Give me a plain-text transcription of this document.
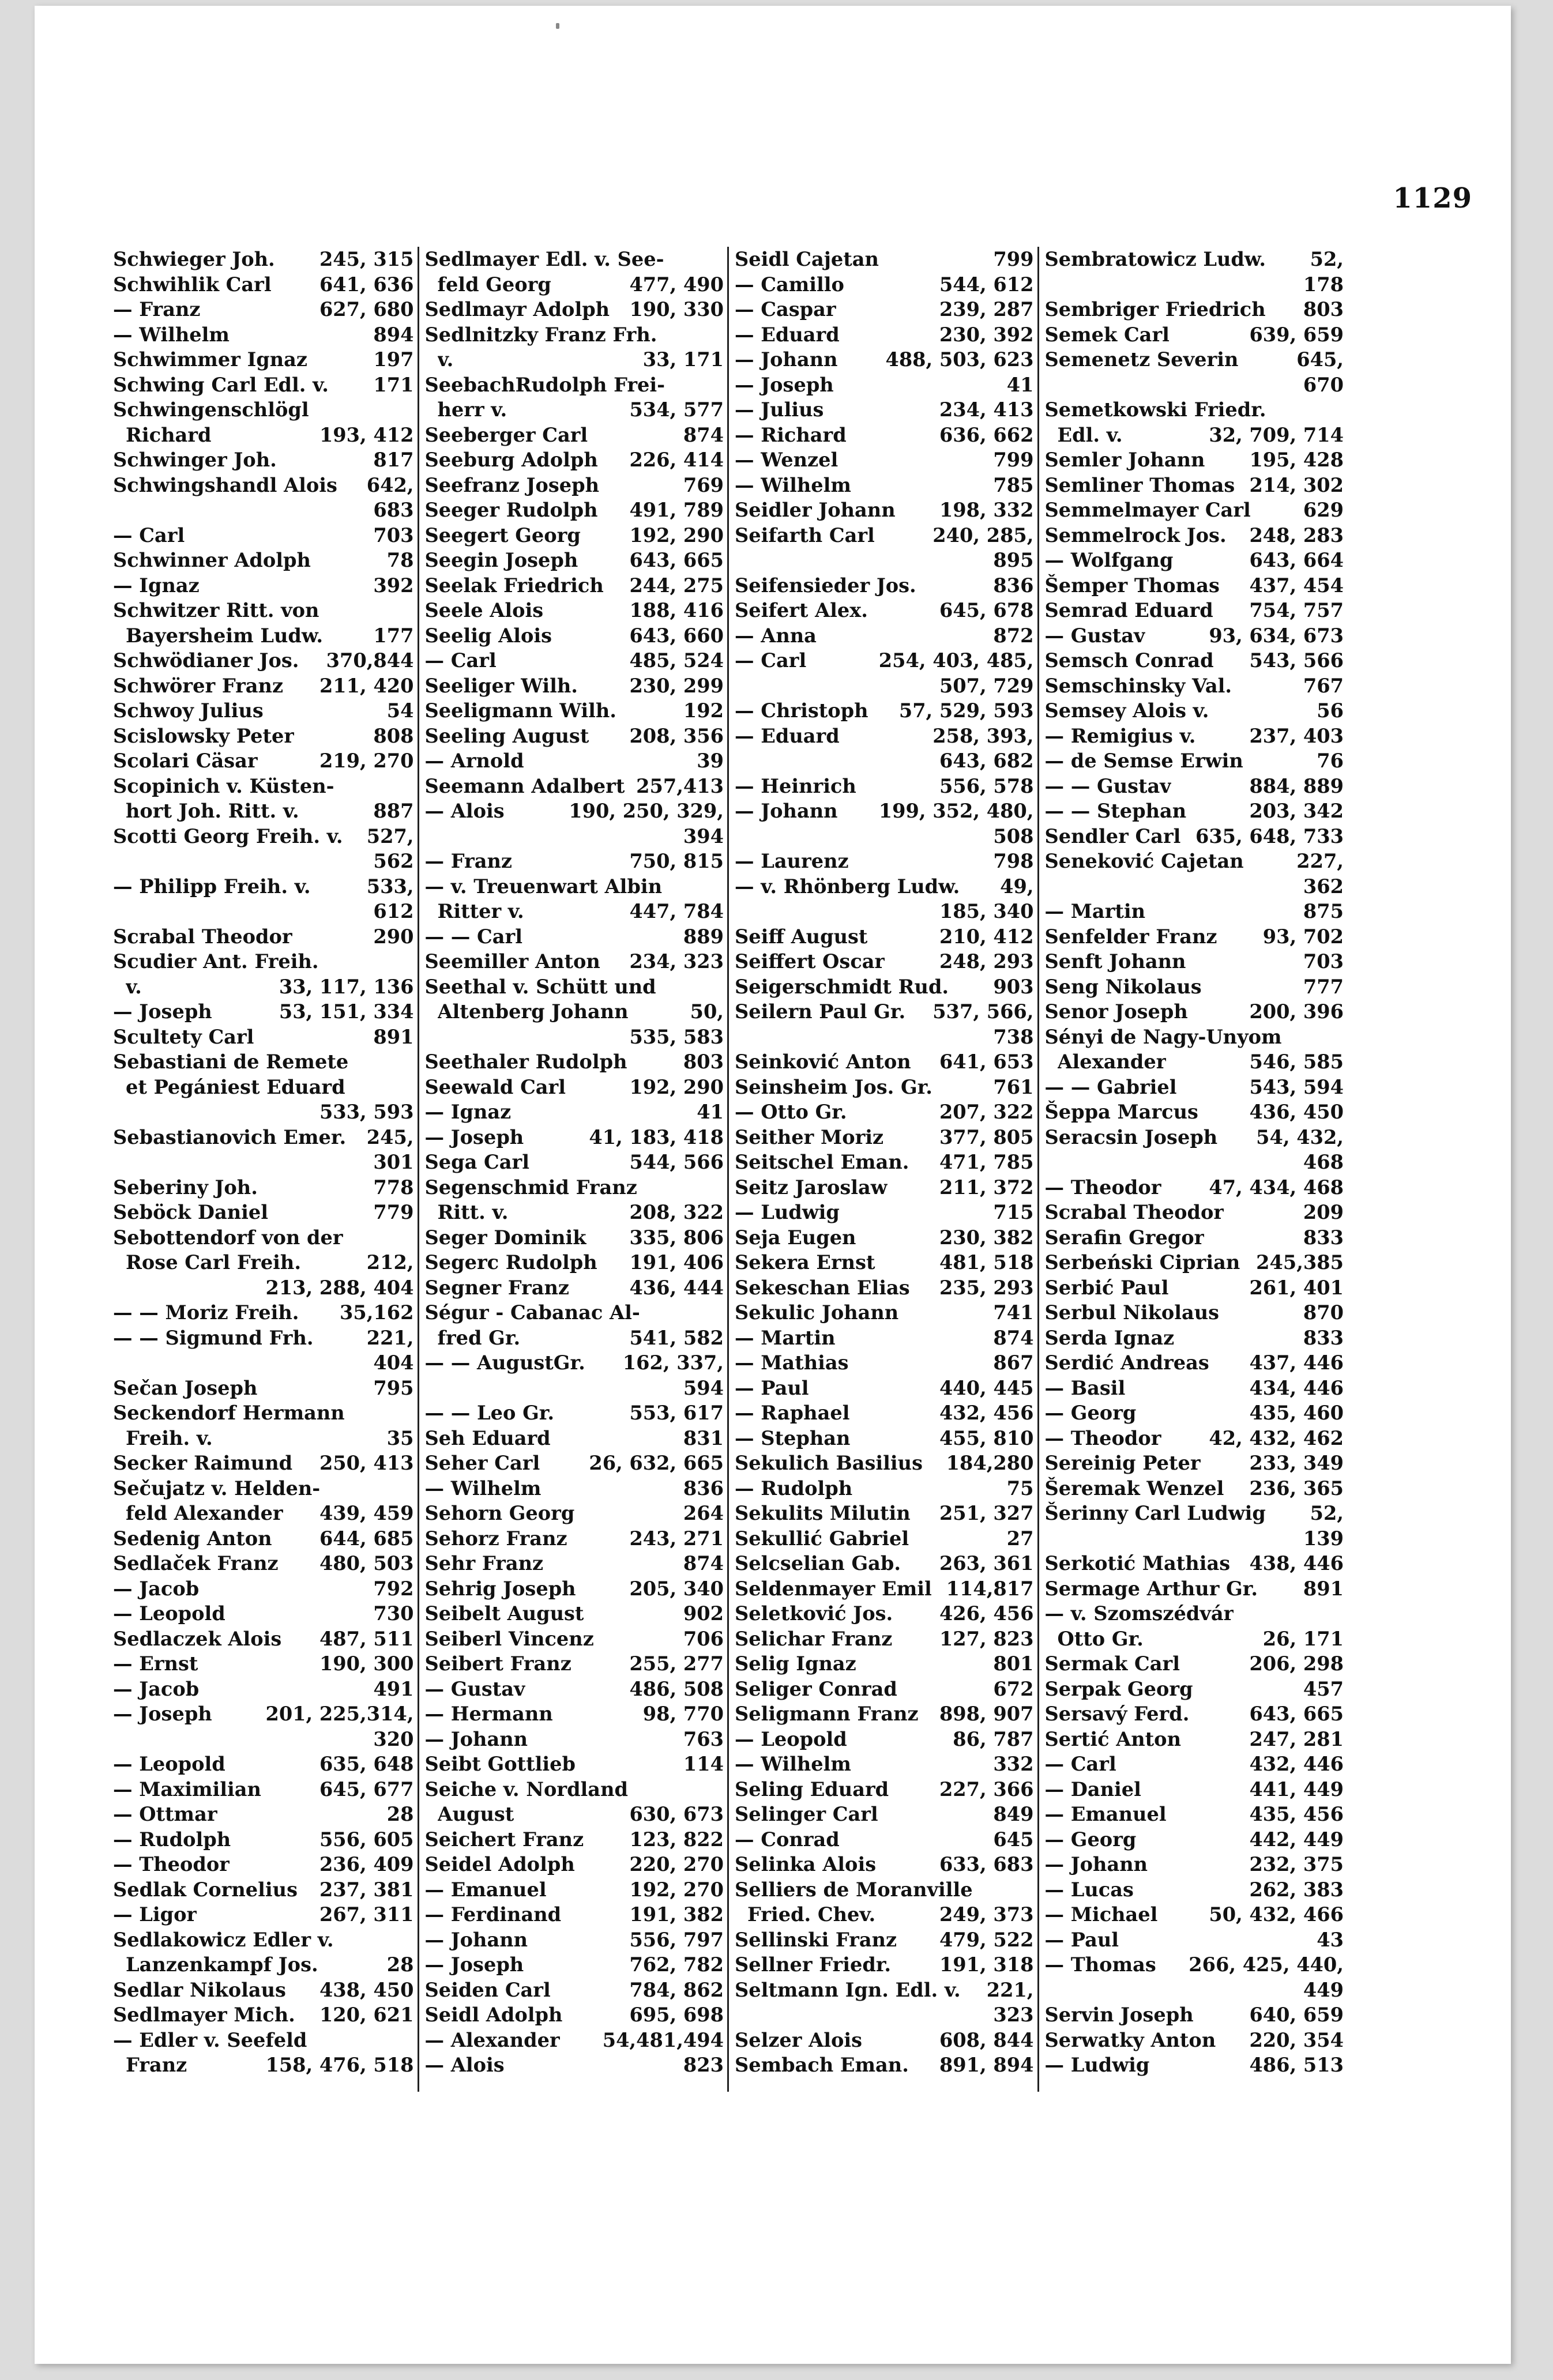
1129
Schwieger Joh. 245, 315
Schwihlik Carl 641, 636
— Franz	627, 680
— Wilhelm	894
Schwimmer Ignaz	197
Schwing Carl Edl. v. 171
Schwingenschlögl
Richard	193, 412
Schwinger Joh.	817
Schwingshandl Alois 642,
683
— Carl	703
Schwinner Adolph	78
— Ignaz	392
Schwitzer Ritt. von
Bayersheim Ludw.	177
Schwödianer Jos. 370,844
Schwörer Franz 211, 420
Schwoy Julius	54
Scislowsky Peter	808
Scolari Cäsar	219, 270
Scopinich v. Küsten-
hort Joh. Ritt. v.	887
Scotti Georg Freih. v. 527,
562
— Philipp Freih. v.	533,
612
Scrabal Theodor	290
Scudier Ant. Freih.
v.	33, 117, 136
— Joseph	53, 151, 334
Scultety Carl	891
Sebastiani de Remete
et Pegániest Eduard
533, 593
Sebastianovich Emer. 245,
301
Seberiny Joh.	778
Seböck Daniel	779
Sebottendorf von der
Rose Carl Freih.	212,
213, 288, 404
— — Moriz Freih. 35,162
— — Sigmund Frh.	221,
404
Sečan Joseph	795
Seckendorf Hermann
Freih. v.	35
Secker Raimund 250, 413
Sečujatz v. Helden-
feld Alexander 439, 459
Sedenig Anton 644, 685
Sedlaček Franz 480, 503
— Jacob	792
— Leopold	730
Sedlaczek Alois 487, 511
— Ernst	190, 300
— Jacob	491
— Joseph	201, 225,314,
320
— Leopold	635, 648
— Maximilian	645, 677
— Ottmar	28
— Rudolph	556, 605
— Theodor	236, 409
Sedlak Cornelius 237, 381
— Ligor	267, 311
Sedlakowicz Edler v.
Lanzenkampf Jos.	28
Sedlar Nikolaus 438, 450
Sedlmayer Mich. 120, 621
— Edler v. Seefeld
Franz	158, 476, 518
Sedlmayer Edl. v. See-
feld Georg	477, 490
Sedlmayr Adolph 190, 330
Sedlnitzky Franz Frh.
v.	33, 171
SeebachRudolph Frei-
herr v.	534, 577
Seeberger Carl	874
Seeburg Adolph 226, 414
Seefranz Joseph	769
Seeger Rudolph 491, 789
Seegert Georg	192, 290
Seegin Joseph	643, 665
Seelak Friedrich 244, 275
Seele Alois	188, 416
Seelig Alois	643, 660
— Carl	485, 524
Seeliger Wilh.	230, 299
Seeligmann Wilh.	192
Seeling August 208, 356
— Arnold	39
Seemann Adalbert 257,413
— Alois	190, 250, 329,
394
— Franz	750, 815
— v. Treuenwart Albin
Ritter v.	447, 784
— — Carl	889
Seemiller Anton 234, 323
Seethal v. Schütt und
Altenberg Johann	50,
535, 583
Seethaler Rudolph	803
Seewald Carl	192, 290
— Ignaz	41
— Joseph	41, 183, 418
Sega Carl	544, 566
Segenschmid Franz
Ritt. v.	208, 322
Seger Dominik 335, 806
Segerc Rudolph 191, 406
Segner Franz	436, 444
Ségur - Cabanac Al-
fred Gr.	541, 582
— — AugustGr. 162, 337,
594
— — Leo Gr.	553, 617
Seh Eduard	831
Seher Carl	26, 632, 665
— Wilhelm	836
Sehorn Georg	264
Sehorz Franz	243, 271
Sehr Franz	874
Sehrig Joseph	205, 340
Seibelt August	902
Seiberl Vincenz	706
Seibert Franz	255, 277
— Gustav	486, 508
— Hermann	98, 770
— Johann	763
Seibt Gottlieb	114
Seiche v. Nordland
August	630, 673
Seichert Franz 123, 822
Seidel Adolph	220, 270
— Emanuel	192, 270
— Ferdinand	191, 382
— Johann	556, 797
— Joseph	762, 782
Seiden Carl	784, 862
Seidl Adolph	695, 698
— Alexander 54,481,494
— Alois	823
Seidl Cajetan	799
— Camillo	544, 612
— Caspar	239, 287
— Eduard	230, 392
— Johann 488, 503, 623
— Joseph	41
— Julius	234, 413
— Richard	636, 662
— Wenzel	799
— Wilhelm	785
Seidler Johann 198, 332
Seifarth Carl	240, 285,
895
Seifensieder Jos.	836
Seifert Alex.	645, 678
— Anna	872
— Carl	254, 403, 485,
507, 729
— Christoph 57, 529, 593
— Eduard	258, 393,
643, 682
— Heinrich	556, 578
— Johann 199, 352, 480,
508
— Laurenz	798
— v. Rhönberg Ludw. 49,
185, 340
Seiff August	210, 412
Seiffert Oscar	248, 293
Seigerschmidt Rud. 903
Seilern Paul Gr. 537, 566,
738
Seinković Anton 641, 653
Seinsheim Jos. Gr.	761
— Otto Gr.	207, 322
Seither Moriz	377, 805
Seitschel Eman. 471, 785
Seitz Jaroslaw	211, 372
— Ludwig	715
Seja Eugen	230, 382
Sekera Ernst	481, 518
Sekeschan Elias 235, 293
Sekulic Johann	741
— Martin	874
— Mathias	867
— Paul	440, 445
— Raphael	432, 456
— Stephan	455, 810
Sekulich Basilius 184,280
— Rudolph	75
Sekulits Milutin 251, 327
Sekullić Gabriel	27
Selcselian Gab. 263, 361
Seldenmayer Emil 114,817
Seletković Jos. 426, 456
Selichar Franz 127, 823
Selig Ignaz	801
Seliger Conrad	672
Seligmann Franz 898, 907
— Leopold	86, 787
— Wilhelm	332
Seling Eduard	227, 366
Selinger Carl	849
— Conrad	645
Selinka Alois	633, 683
Selliers de Moranville
Fried. Chev.	249, 373
Sellinski Franz 479, 522
Sellner Friedr. 191, 318
Seltmann Ign. Edl. v. 221,
323
Selzer Alois	608, 844
Sembach Eman. 891, 894
Sembratowicz Ludw. 52,
178
Sembriger Friedrich 803
Semek Carl	639, 659
Semenetz Severin	645,
670
Semetkowski Friedr.
Edl. v.	32, 709, 714
Semler Johann 195, 428
Semliner Thomas 214, 302
Semmelmayer Carl	629
Semmelrock Jos. 248, 283
— Wolfgang	643, 664
Šemper Thomas 437, 454
Semrad Eduard 754, 757
— Gustav	93, 634, 673
Semsch Conrad 543, 566
Semschinsky Val.	767
Semsey Alois v.	56
— Remigius v.	237, 403
— de Semse Erwin	76
— — Gustav	884, 889
— — Stephan	203, 342
Sendler Carl 635, 648, 733
Seneković Cajetan	227,
362
— Martin	875
Senfelder Franz 93, 702
Senft Johann	703
Seng Nikolaus	777
Senor Joseph	200, 396
Sényi de Nagy-Unyom
Alexander	546, 585
— — Gabriel	543, 594
Šeppa Marcus	436, 450
Seracsin Joseph 54, 432,
468
— Theodor 47, 434, 468
Scrabal Theodor	209
Serafin Gregor	833
Serbeński Ciprian 245,385
Serbić Paul	261, 401
Serbul Nikolaus	870
Serda Ignaz	833
Serdić Andreas 437, 446
— Basil	434, 446
— Georg	435, 460
— Theodor 42, 432, 462
Sereinig Peter	233, 349
Šeremak Wenzel 236, 365
Šerinny Carl Ludwig 52,
139
Serkotić Mathias 438, 446
Sermage Arthur Gr. 891
— v. Szomszédvár
Otto Gr.	26, 171
Sermak Carl	206, 298
Serpak Georg	457
Sersavý Ferd.	643, 665
Sertić Anton	247, 281
— Carl	432, 446
— Daniel	441, 449
— Emanuel	435, 456
— Georg	442, 449
— Johann	232, 375
— Lucas	262, 383
— Michael	50, 432, 466
— Paul	43
— Thomas 266, 425, 440,
449
Servin Joseph	640, 659
Serwatky Anton 220, 354
— Ludwig	486, 513
